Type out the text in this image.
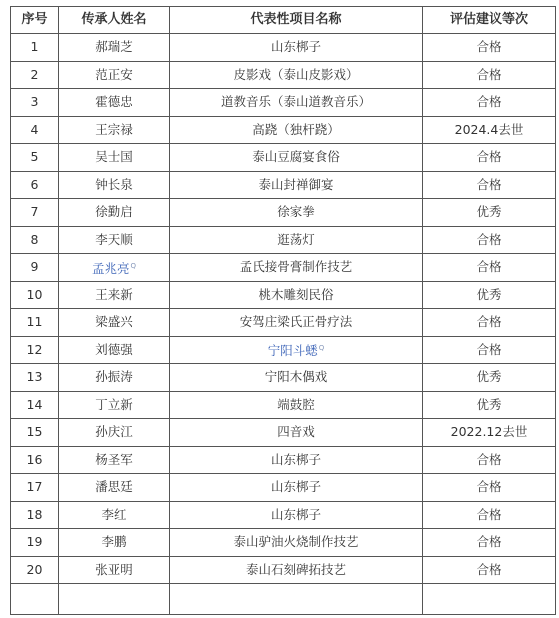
序号	传承人姓名	代表性项目名称	评估建议等次
1	郝瑞芝	山东梆子	合格
2	范正安	皮影戏（泰山皮影戏）	合格
3	霍德忠	道教音乐（泰山道教音乐）	合格
4	王宗禄	高跷（独杆跷）	2024.4去世
5	吴士国	泰山豆腐宴食俗	合格
6	钟长泉	泰山封禅御宴	合格
7	徐勤启	徐家拳	优秀
8	李天顺	逛荡灯	合格
9	孟兆亮$^Q$	孟氏接骨膏制作技艺	合格
10	王来新	桃木雕刻民俗	优秀
11	梁盛兴	安驾庄梁氏正骨疗法	合格
12	刘德强	宁阳斗蟋$^Q$	合格
13	孙振涛	宁阳木偶戏	优秀
14	丁立新	端鼓腔	优秀
15	孙庆江	四音戏	2022.12去世
16	杨圣军	山东梆子	合格
17	潘思廷	山东梆子	合格
18	李红	山东梆子	合格
19	李鹏	泰山驴油火烧制作技艺	合格
20	张亚明	泰山石刻碑拓技艺	合格
